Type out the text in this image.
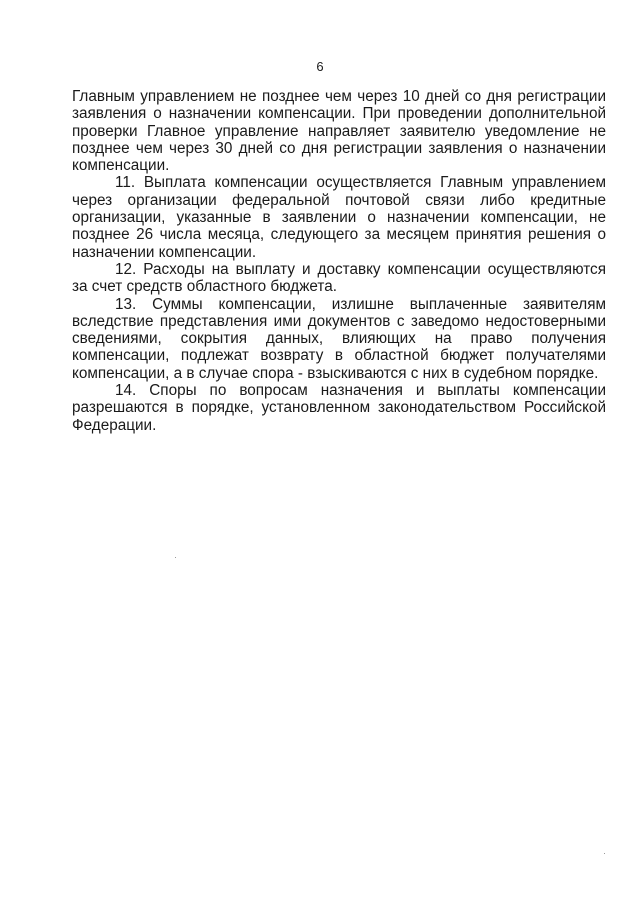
6

Главным управлением не позднее чем через 10 дней со дня регистрации заявления о назначении компенсации. При проведении дополнительной проверки Главное управление направляет заявителю уведомление не позднее чем через 30 дней со дня регистрации заявления о назначении компенсации.

11. Выплата компенсации осуществляется Главным управлением через организации федеральной почтовой связи либо кредитные организации, указанные в заявлении о назначении компенсации, не позднее 26 числа месяца, следующего за месяцем принятия решения о назначении компенсации.

12. Расходы на выплату и доставку компенсации осуществляются за счет средств областного бюджета.

13. Суммы компенсации, излишне выплаченные заявителям вследствие представления ими документов с заведомо недостоверными сведениями, сокрытия данных, влияющих на право получения компенсации, подлежат возврату в областной бюджет получателями компенсации, а в случае спора - взыскиваются с них в судебном порядке.

14. Споры по вопросам назначения и выплаты компенсации разрешаются в порядке, установленном законодательством Российской Федерации.
